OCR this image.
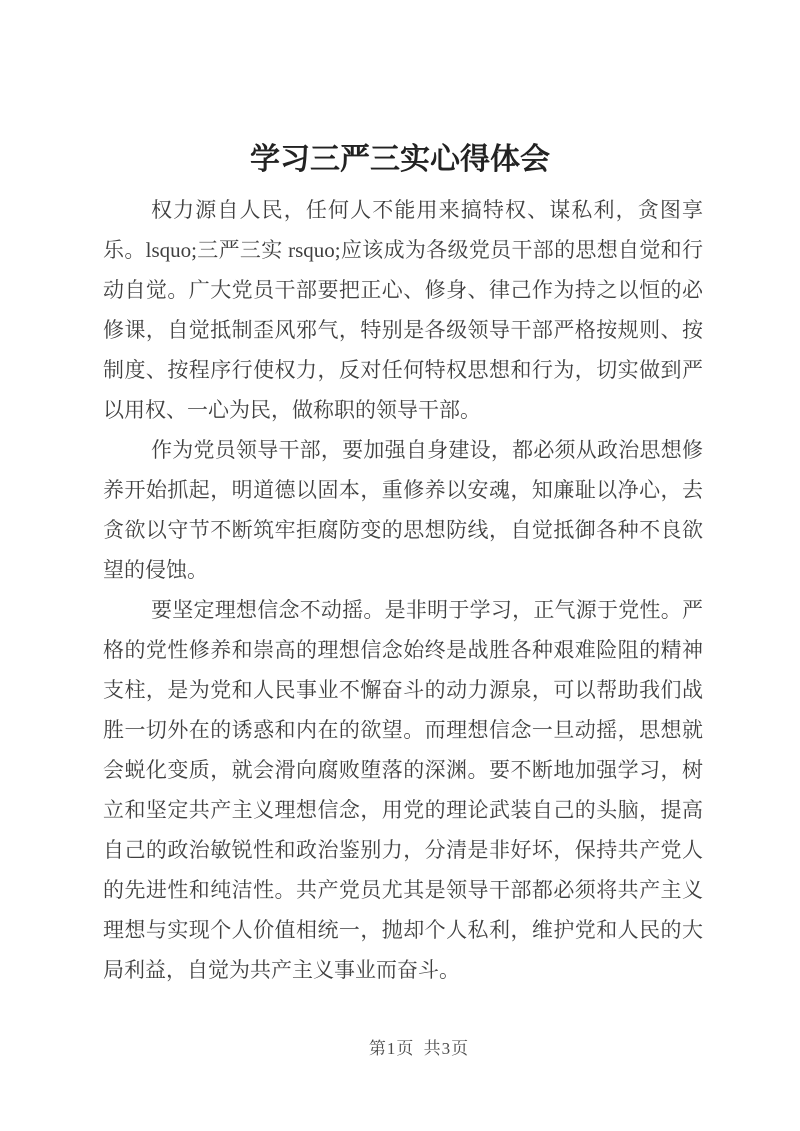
学习三严三实心得体会

权力源自人民，任何人不能用来搞特权、谋私利，贪图享乐。lsquo;三严三实 rsquo;应该成为各级党员干部的思想自觉和行动自觉。广大党员干部要把正心、修身、律己作为持之以恒的必修课，自觉抵制歪风邪气，特别是各级领导干部严格按规则、按制度、按程序行使权力，反对任何特权思想和行为，切实做到严以用权、一心为民，做称职的领导干部。

作为党员领导干部，要加强自身建设，都必须从政治思想修养开始抓起，明道德以固本，重修养以安魂，知廉耻以净心，去贪欲以守节不断筑牢拒腐防变的思想防线，自觉抵御各种不良欲望的侵蚀。

要坚定理想信念不动摇。是非明于学习，正气源于党性。严格的党性修养和崇高的理想信念始终是战胜各种艰难险阻的精神支柱，是为党和人民事业不懈奋斗的动力源泉，可以帮助我们战胜一切外在的诱惑和内在的欲望。而理想信念一旦动摇，思想就会蜕化变质，就会滑向腐败堕落的深渊。要不断地加强学习，树立和坚定共产主义理想信念，用党的理论武装自己的头脑，提高自己的政治敏锐性和政治鉴别力，分清是非好坏，保持共产党人的先进性和纯洁性。共产党员尤其是领导干部都必须将共产主义理想与实现个人价值相统一，抛却个人私利，维护党和人民的大局利益，自觉为共产主义事业而奋斗。

第1页 共3页
